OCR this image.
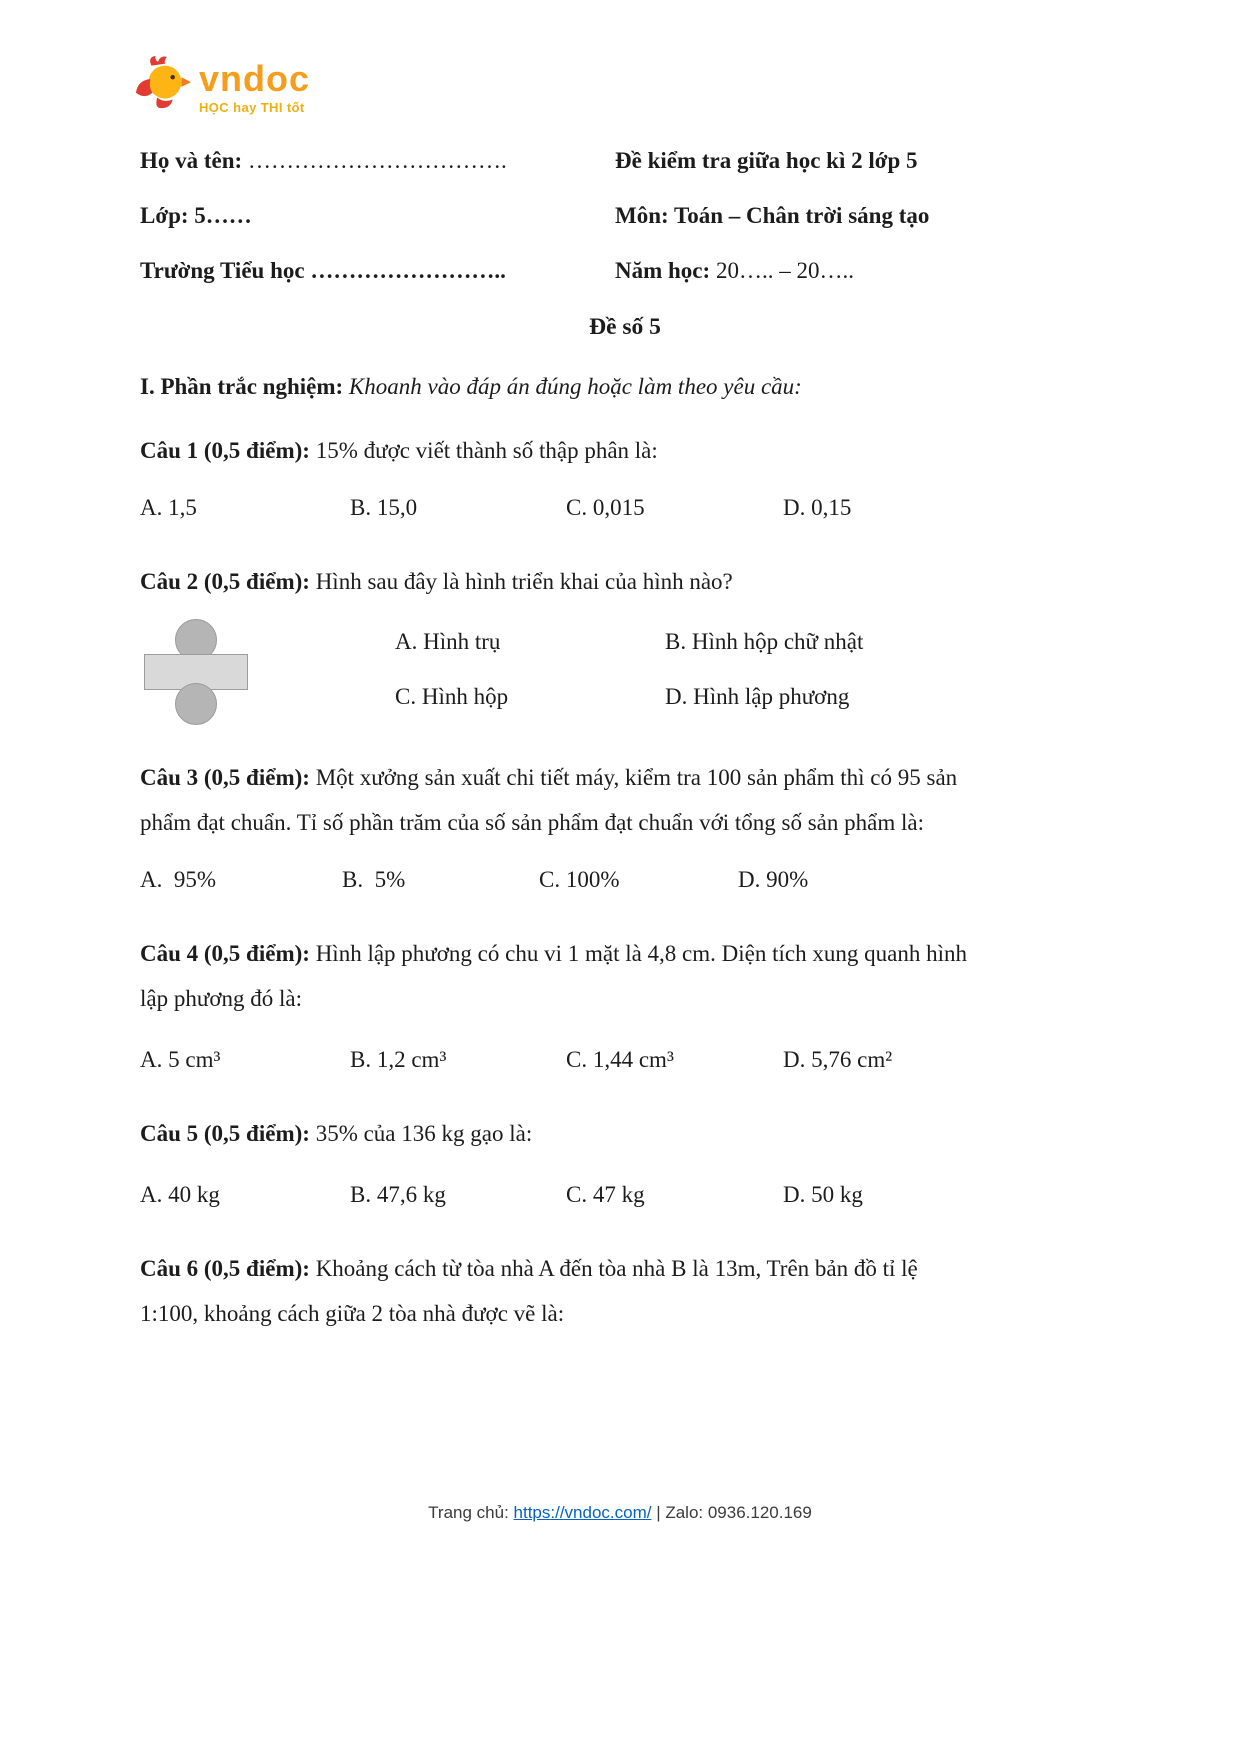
vndoc
HỌC hay THI tốt
Họ và tên: …………………………….	Đề kiểm tra giữa học kì 2 lớp 5
Lớp: 5……	Môn: Toán – Chân trời sáng tạo
Trường Tiểu học ……………………..	Năm học: 20….. – 20…..
Đề số 5

I. Phần trắc nghiệm: Khoanh vào đáp án đúng hoặc làm theo yêu cầu:

Câu 1 (0,5 điểm): 15% được viết thành số thập phân là:

A. 1,5	B. 15,0	C. 0,015	D. 0,15

Câu 2 (0,5 điểm): Hình sau đây là hình triển khai của hình nào?

A. Hình trụ	B. Hình hộp chữ nhật
C. Hình hộp	D. Hình lập phương

Câu 3 (0,5 điểm): Một xưởng sản xuất chi tiết máy, kiểm tra 100 sản phẩm thì có 95 sản phẩm đạt chuẩn. Tỉ số phần trăm của số sản phẩm đạt chuẩn với tổng số sản phẩm là:

A.  95%	B.  5%	C. 100%	D. 90%

Câu 4 (0,5 điểm): Hình lập phương có chu vi 1 mặt là 4,8 cm. Diện tích xung quanh hình lập phương đó là:

A. 5 cm³	B. 1,2 cm³	C. 1,44 cm³	D. 5,76 cm²

Câu 5 (0,5 điểm): 35% của 136 kg gạo là:

A. 40 kg	B. 47,6 kg	C. 47 kg	D. 50 kg

Câu 6 (0,5 điểm): Khoảng cách từ tòa nhà A đến tòa nhà B là 13m, Trên bản đồ tỉ lệ 1:100, khoảng cách giữa 2 tòa nhà được vẽ là:

Trang chủ: https://vndoc.com/ | Zalo: 0936.120.169
